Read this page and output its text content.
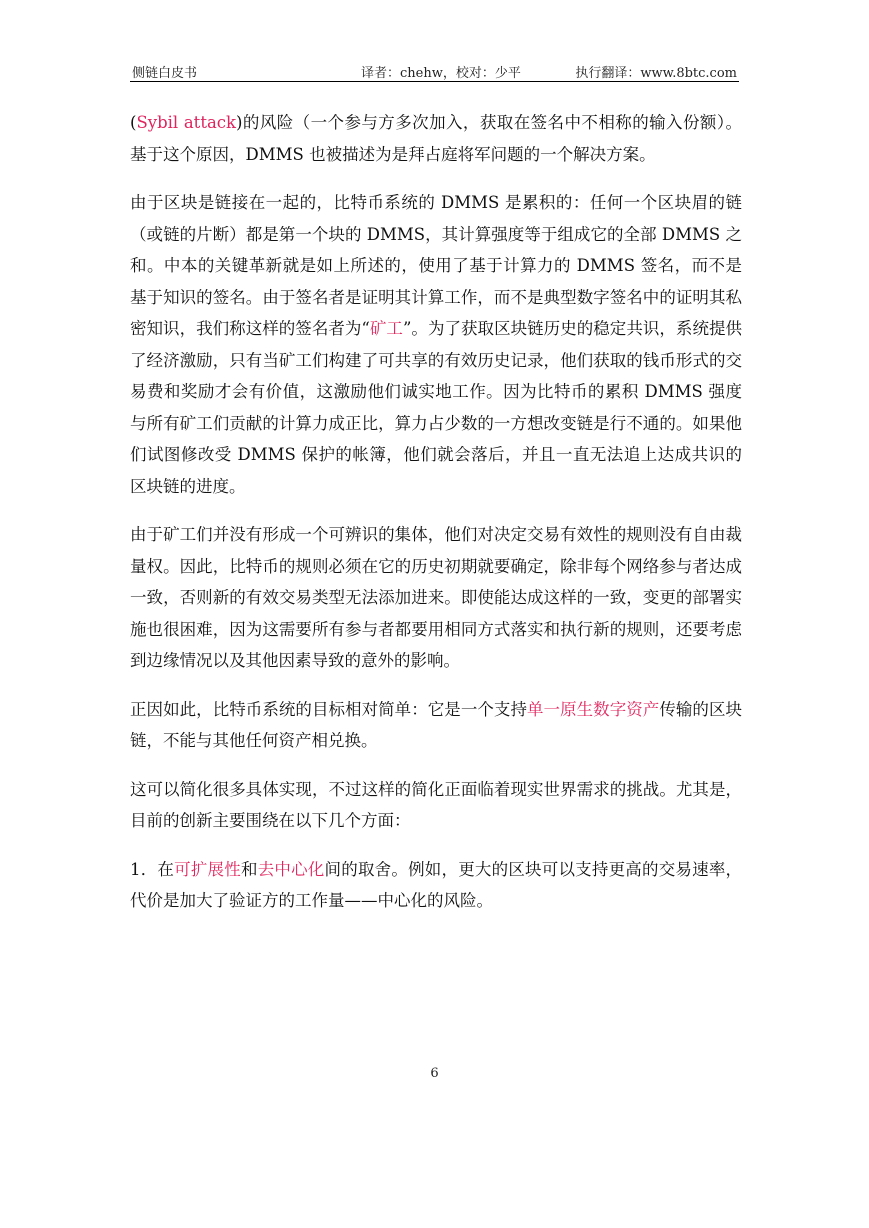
侧链白皮书	译者：chehw，校对：少平	执行翻译：www.8btc.com

(Sybil attack)的风险（一个参与方多次加入，获取在签名中不相称的输入份额）。基于这个原因，DMMS 也被描述为是拜占庭将军问题的一个解决方案。

由于区块是链接在一起的，比特币系统的 DMMS 是累积的：任何一个区块眉的链（或链的片断）都是第一个块的 DMMS，其计算强度等于组成它的全部 DMMS 之和。中本的关键革新就是如上所述的，使用了基于计算力的 DMMS 签名，而不是基于知识的签名。由于签名者是证明其计算工作，而不是典型数字签名中的证明其私密知识，我们称这样的签名者为“矿工”。为了获取区块链历史的稳定共识，系统提供了经济激励，只有当矿工们构建了可共享的有效历史记录，他们获取的钱币形式的交易费和奖励才会有价值，这激励他们诚实地工作。因为比特币的累积 DMMS 强度与所有矿工们贡献的计算力成正比，算力占少数的一方想改变链是行不通的。如果他们试图修改受 DMMS 保护的帐簿，他们就会落后，并且一直无法追上达成共识的区块链的进度。

由于矿工们并没有形成一个可辨识的集体，他们对决定交易有效性的规则没有自由裁量权。因此，比特币的规则必须在它的历史初期就要确定，除非每个网络参与者达成一致，否则新的有效交易类型无法添加进来。即使能达成这样的一致，变更的部署实施也很困难，因为这需要所有参与者都要用相同方式落实和执行新的规则，还要考虑到边缘情况以及其他因素导致的意外的影响。

正因如此，比特币系统的目标相对简单：它是一个支持单一原生数字资产传输的区块链，不能与其他任何资产相兑换。

这可以简化很多具体实现，不过这样的简化正面临着现实世界需求的挑战。尤其是，目前的创新主要围绕在以下几个方面：

1．在可扩展性和去中心化间的取舍。例如，更大的区块可以支持更高的交易速率，代价是加大了验证方的工作量——中心化的风险。

6
